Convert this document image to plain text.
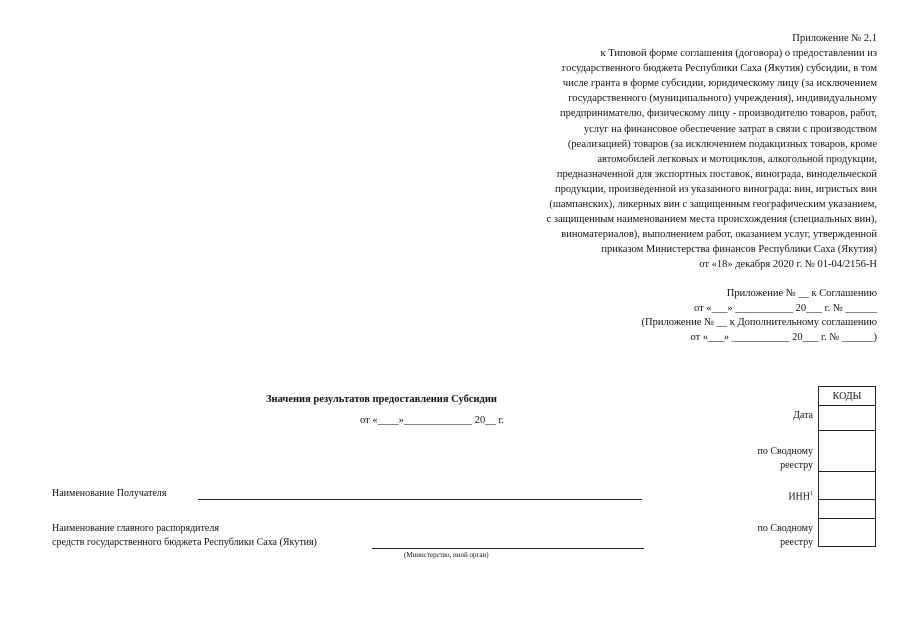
Приложение № 2.1
к Типовой форме соглашения (договора) о предоставлении из
государственного бюджета Республики Саха (Якутия) субсидии, в том
числе гранта в форме субсидии, юридическому лицу (за исключением
государственного (муниципального) учреждения), индивидуальному
предпринимателю, физическому лицу - производителю товаров, работ,
услуг на финансовое обеспечение затрат в связи с производством
(реализацией) товаров (за исключением подакцизных товаров, кроме
автомобилей легковых и мотоциклов, алкогольной продукции,
предназначенной для экспортных поставок, винограда, винодельческой
продукции, произведенной из указанного винограда: вин, игристых вин
(шампанских), ликерных вин с защищенным географическим указанием,
с защищенным наименованием места происхождения (специальных вин),
виноматериалов), выполнением работ, оказанием услуг, утвержденной
приказом Министерства финансов Республики Саха (Якутия)
от «18» декабря 2020 г. № 01-04/2156-Н
Приложение № __ к Соглашению
от «___» ___________ 20___ г. № ______
(Приложение № __ к Дополнительному соглашению
от «___» ___________ 20___ г. № ______)
Значения результатов предоставления Субсидии
от «____»_____________ 20__ г.
Наименование Получателя
Наименование главного распорядителя
средств государственного бюджета Республики Саха (Якутия)
(Министерство, иной орган)
Дата
по Сводному
реестру
ИНН$^1$
по Сводному
реестру
КОДЫ
